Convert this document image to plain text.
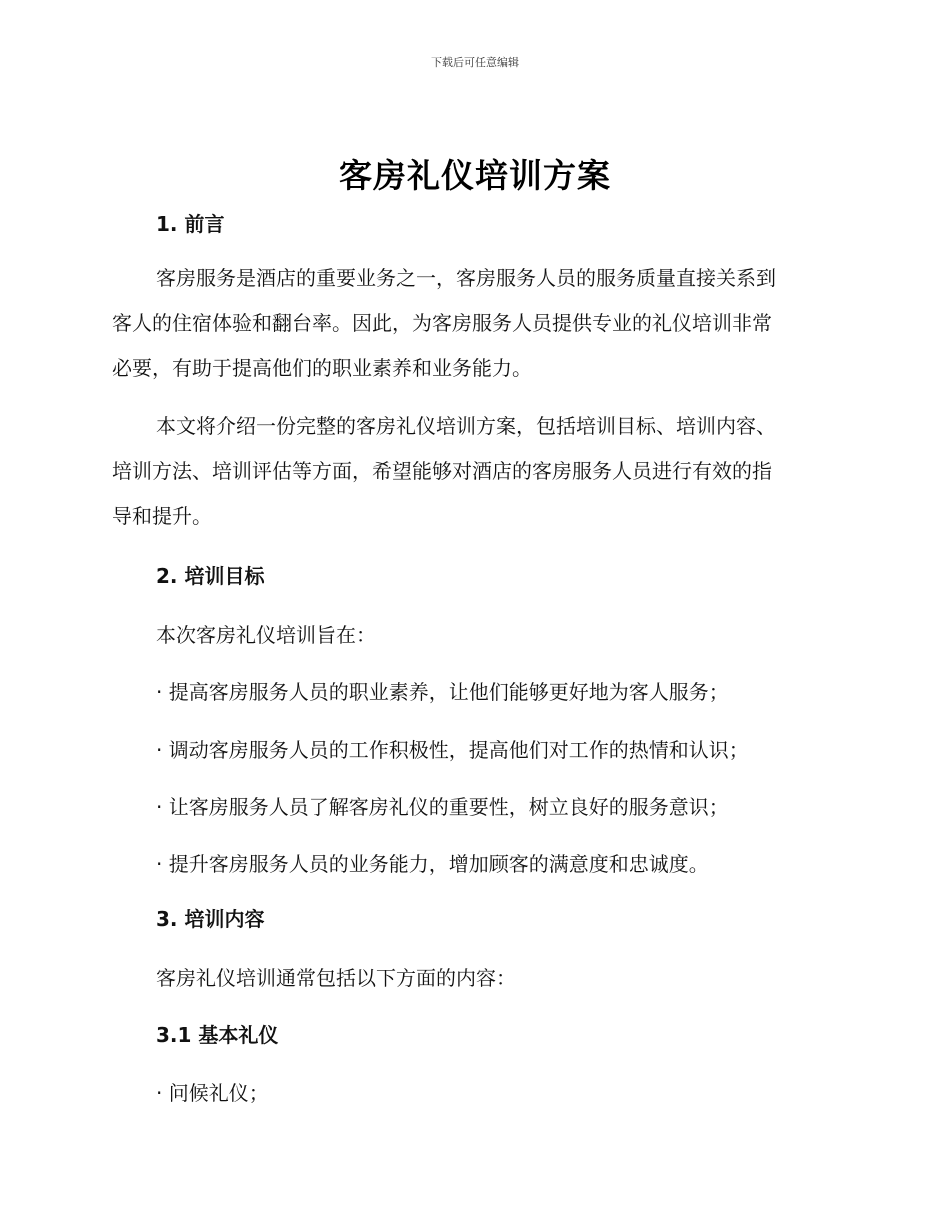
下载后可任意编辑
客房礼仪培训方案
1. 前言
客房服务是酒店的重要业务之一，客房服务人员的服务质量直接关系到
客人的住宿体验和翻台率。因此，为客房服务人员提供专业的礼仪培训非常
必要，有助于提高他们的职业素养和业务能力。
本文将介绍一份完整的客房礼仪培训方案，包括培训目标、培训内容、
培训方法、培训评估等方面，希望能够对酒店的客房服务人员进行有效的指
导和提升。
2. 培训目标
本次客房礼仪培训旨在：
· 提高客房服务人员的职业素养，让他们能够更好地为客人服务；
· 调动客房服务人员的工作积极性，提高他们对工作的热情和认识；
· 让客房服务人员了解客房礼仪的重要性，树立良好的服务意识；
· 提升客房服务人员的业务能力，增加顾客的满意度和忠诚度。
3. 培训内容
客房礼仪培训通常包括以下方面的内容：
3.1 基本礼仪
· 问候礼仪；
